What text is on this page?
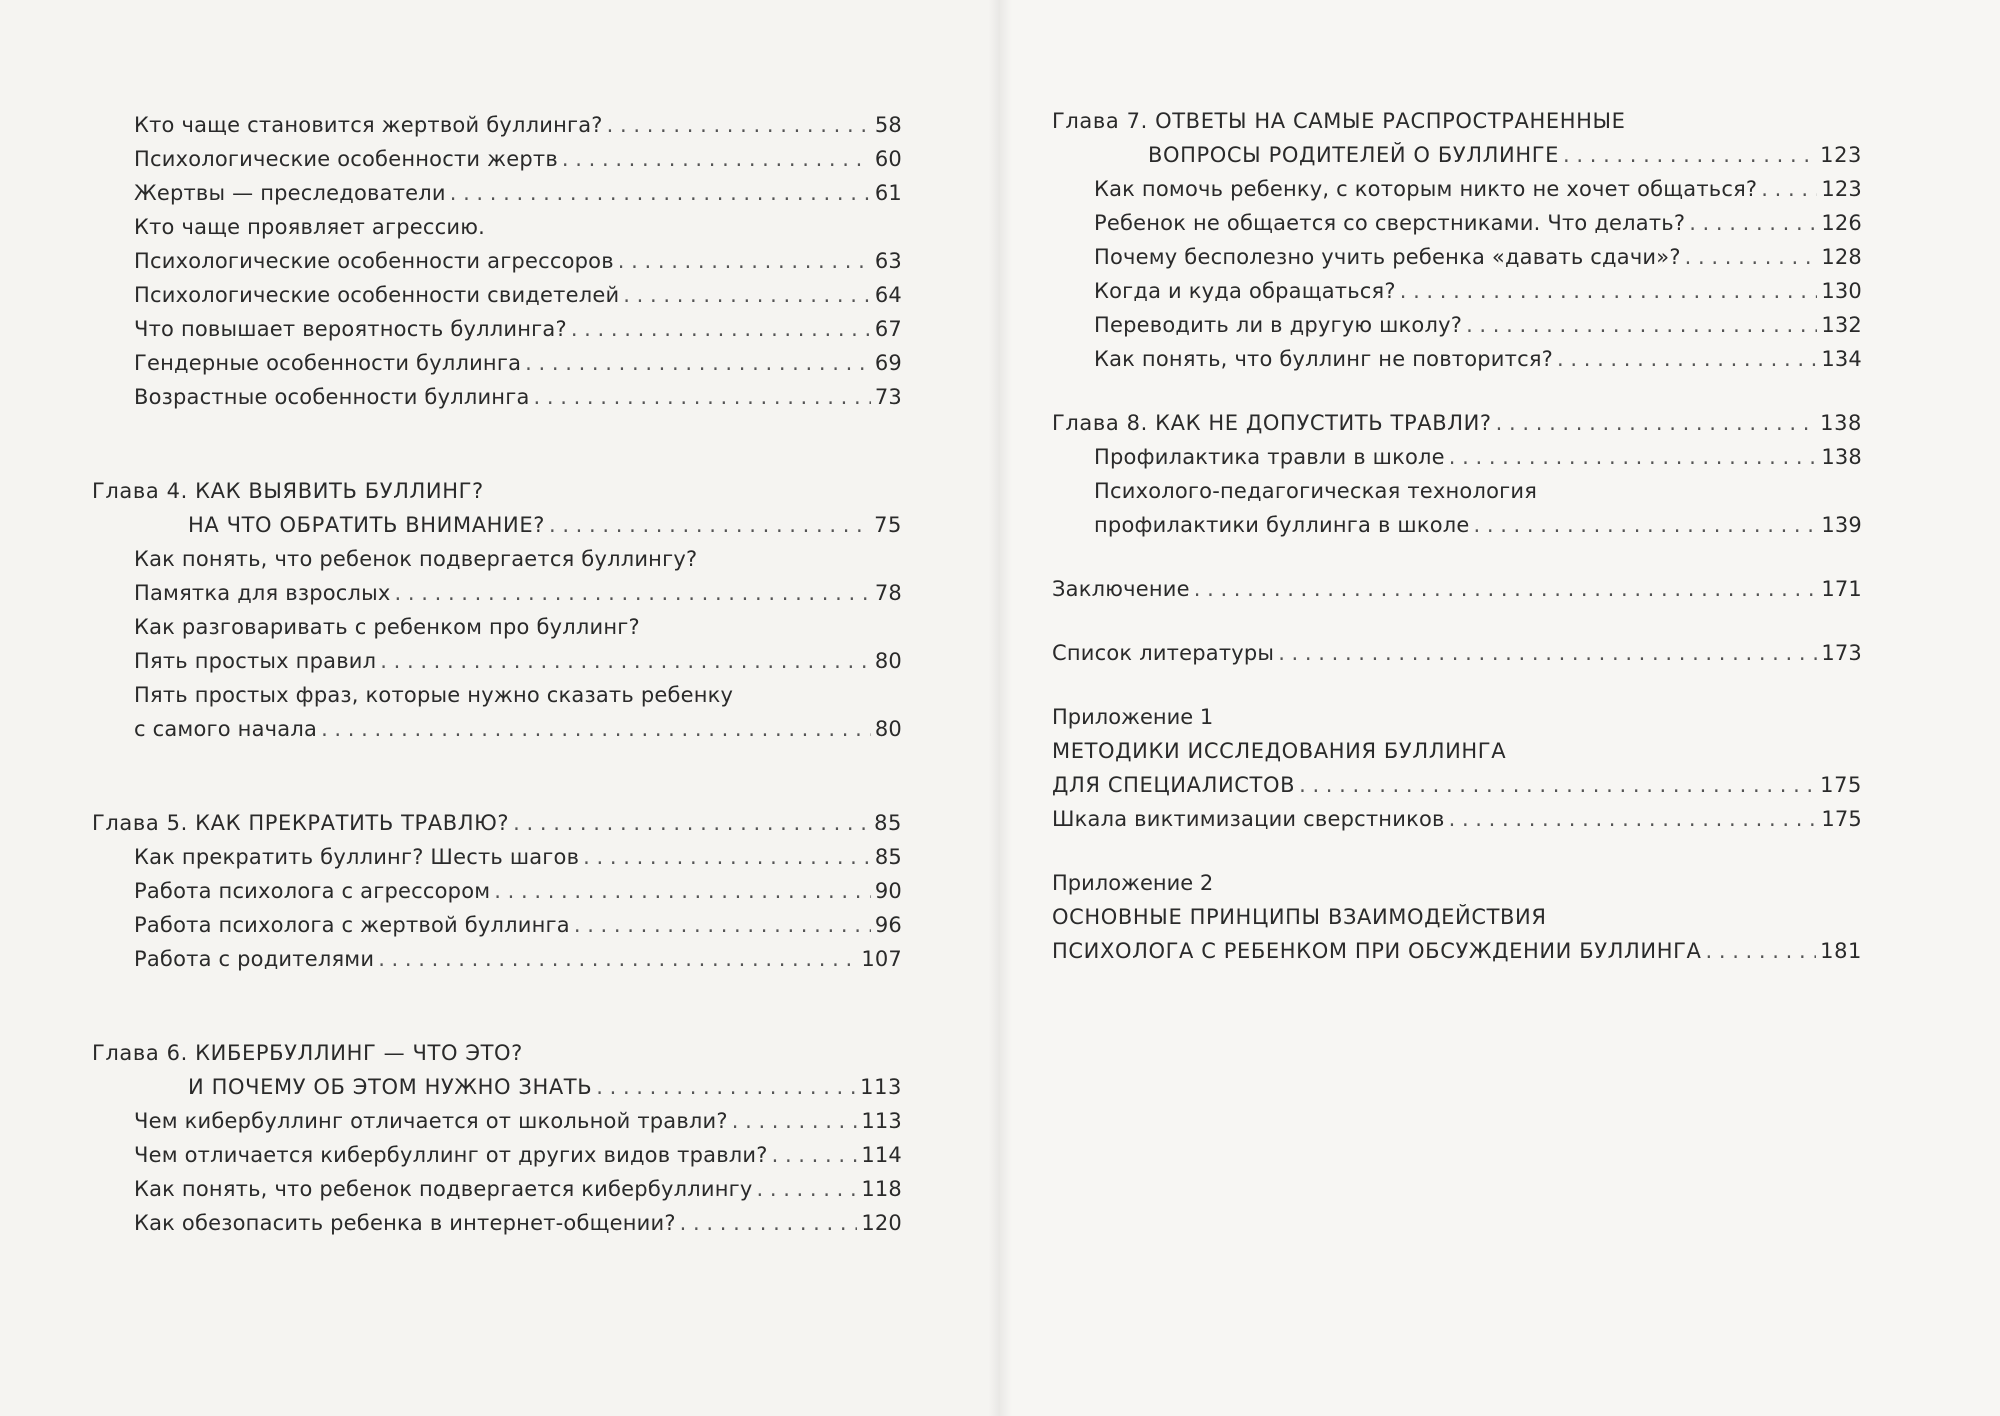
Кто чаще становится жертвой буллинга? . . .	58
Психологические особенности жертв . . .	60
Жертвы — преследователи . . .	61
Кто чаще проявляет агрессию.
Психологические особенности агрессоров . . .	63
Психологические особенности свидетелей . . .	64
Что повышает вероятность буллинга? . . .	67
Гендерные особенности буллинга . . .	69
Возрастные особенности буллинга . . .	73
Глава 4. КАК ВЫЯВИТЬ БУЛЛИНГ?
НА ЧТО ОБРАТИТЬ ВНИМАНИЕ? . . .	75
Как понять, что ребенок подвергается буллингу?
Памятка для взрослых . . .	78
Как разговаривать с ребенком про буллинг?
Пять простых правил . . .	80
Пять простых фраз, которые нужно сказать ребенку
с самого начала . . .	80
Глава 5. КАК ПРЕКРАТИТЬ ТРАВЛЮ? . . .	85
Как прекратить буллинг? Шесть шагов . . .	85
Работа психолога с агрессором . . .	90
Работа психолога с жертвой буллинга . . .	96
Работа с родителями . . .	107
Глава 6. КИБЕРБУЛЛИНГ — ЧТО ЭТО?
И ПОЧЕМУ ОБ ЭТОМ НУЖНО ЗНАТЬ . . .	113
Чем кибербуллинг отличается от школьной травли? . . .	113
Чем отличается кибербуллинг от других видов травли? . . .	114
Как понять, что ребенок подвергается кибербуллингу . . .	118
Как обезопасить ребенка в интернет-общении? . . .	120
Глава 7. ОТВЕТЫ НА САМЫЕ РАСПРОСТРАНЕННЫЕ
ВОПРОСЫ РОДИТЕЛЕЙ О БУЛЛИНГЕ . . .	123
Как помочь ребенку, с которым никто не хочет общаться? . . .	123
Ребенок не общается со сверстниками. Что делать? . . .	126
Почему бесполезно учить ребенка «давать сдачи»? . . .	128
Когда и куда обращаться? . . .	130
Переводить ли в другую школу? . . .	132
Как понять, что буллинг не повторится? . . .	134
Глава 8. КАК НЕ ДОПУСТИТЬ ТРАВЛИ? . . .	138
Профилактика травли в школе . . .	138
Психолого-педагогическая технология
профилактики буллинга в школе . . .	139
Заключение . . .	171
Список литературы . . .	173
Приложение 1
МЕТОДИКИ ИССЛЕДОВАНИЯ БУЛЛИНГА
ДЛЯ СПЕЦИАЛИСТОВ . . .	175
Шкала виктимизации сверстников . . .	175
Приложение 2
ОСНОВНЫЕ ПРИНЦИПЫ ВЗАИМОДЕЙСТВИЯ
ПСИХОЛОГА С РЕБЕНКОМ ПРИ ОБСУЖДЕНИИ БУЛЛИНГА . . .	181
